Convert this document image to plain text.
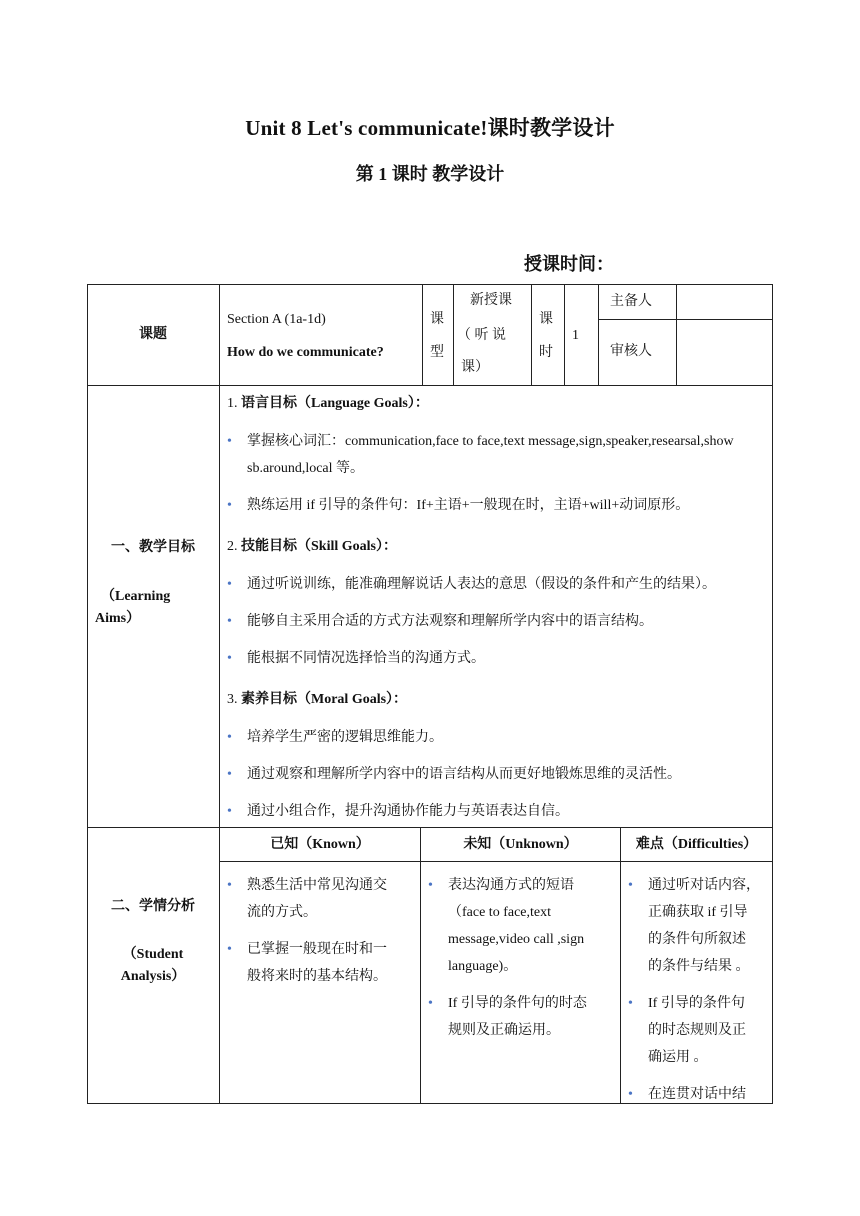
Unit 8 Let's communicate!课时教学设计
第 1 课时 教学设计
授课时间：
课题
Section A (1a-1d)
How do we communicate?
课
型
新授课
（ 听 说
课）
课
时
1
主备人
审核人
一、教学目标
（Learning
Aims）
1. 语言目标（Language Goals）：
• 掌握核心词汇：communication,face to face,text message,sign,speaker,researsal,show sb.around,local 等。
• 熟练运用 if 引导的条件句：If+主语+一般现在时，主语+will+动词原形。
2. 技能目标（Skill Goals）：
• 通过听说训练，能准确理解说话人表达的意思（假设的条件和产生的结果）。
• 能够自主采用合适的方式方法观察和理解所学内容中的语言结构。
• 能根据不同情况选择恰当的沟通方式。
3. 素养目标（Moral Goals）：
• 培养学生严密的逻辑思维能力。
• 通过观察和理解所学内容中的语言结构从而更好地锻炼思维的灵活性。
• 通过小组合作，提升沟通协作能力与英语表达自信。
二、学情分析
（Student
Analysis）
已知（Known）	未知（Unknown）	难点（Difficulties）
• 熟悉生活中常见沟通交
流的方式。
• 已掌握一般现在时和一
般将来时的基本结构。
• 表达沟通方式的短语
（face to face,text
message,video call ,sign
language)。
• If 引导的条件句的时态
规则及正确运用。
• 通过听对话内容，
正确获取 if 引导
的条件句所叙述
的条件与结果 。
• If 引导的条件句
的时态规则及正
确运用 。
• 在连贯对话中结
